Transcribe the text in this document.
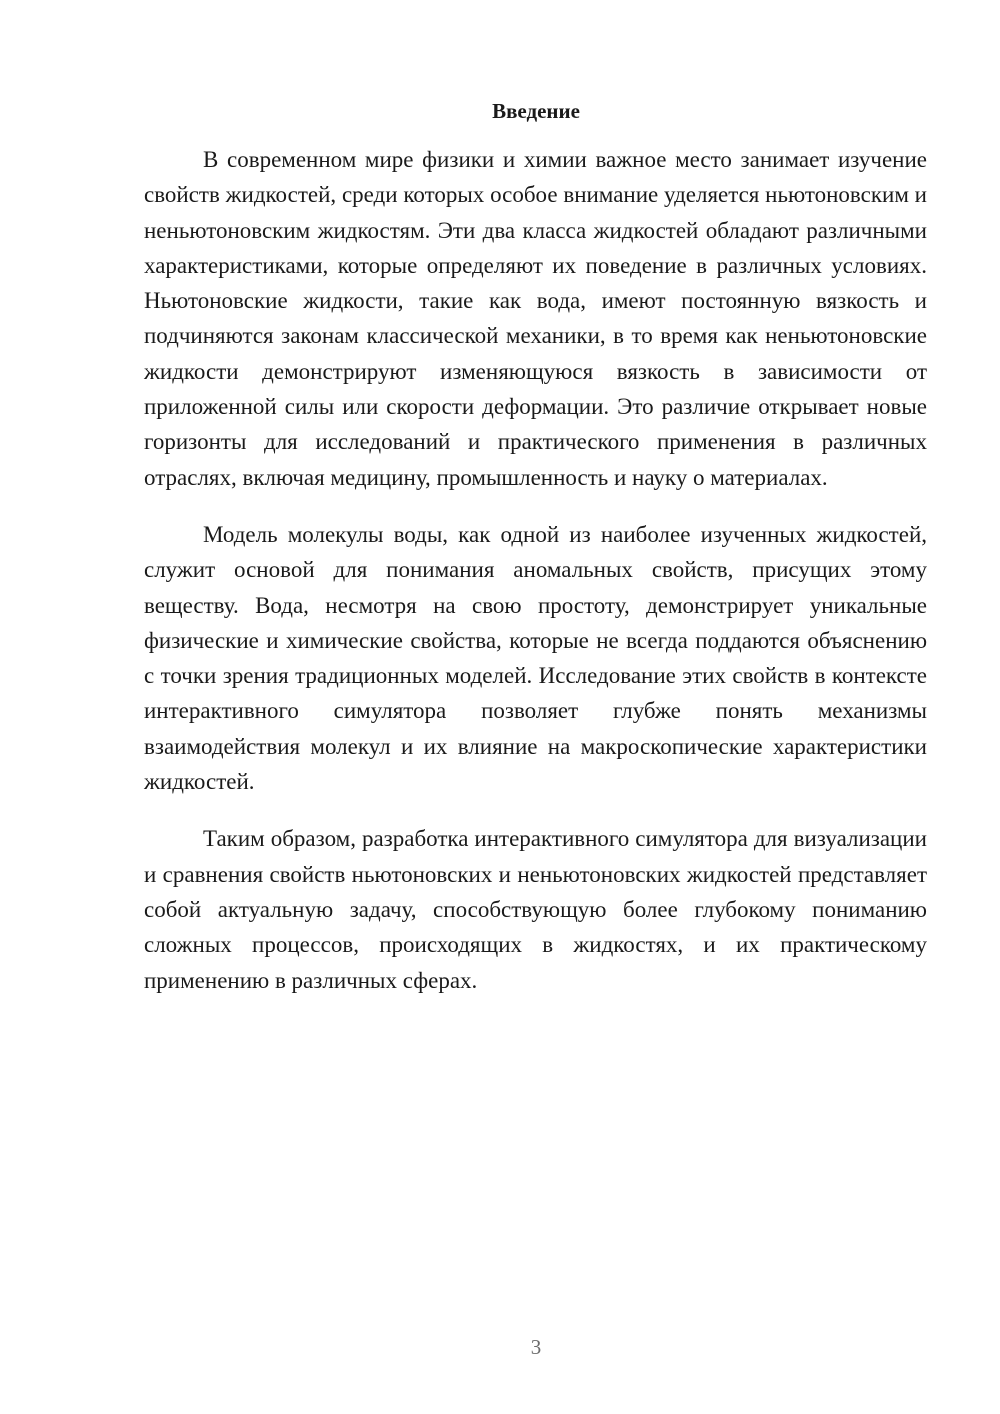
Введение

В современном мире физики и химии важное место занимает изучение свойств жидкостей, среди которых особое внимание уделяется ньютоновским и неньютоновским жидкостям. Эти два класса жидкостей обладают различными характеристиками, которые определяют их поведение в различных условиях. Ньютоновские жидкости, такие как вода, имеют постоянную вязкость и подчиняются законам классической механики, в то время как неньютоновские жидкости демонстрируют изменяющуюся вязкость в зависимости от приложенной силы или скорости деформации. Это различие открывает новые горизонты для исследований и практического применения в различных отраслях, включая медицину, промышленность и науку о материалах.

Модель молекулы воды, как одной из наиболее изученных жидкостей, служит основой для понимания аномальных свойств, присущих этому веществу. Вода, несмотря на свою простоту, демонстрирует уникальные физические и химические свойства, которые не всегда поддаются объяснению с точки зрения традиционных моделей. Исследование этих свойств в контексте интерактивного симулятора позволяет глубже понять механизмы взаимодействия молекул и их влияние на макроскопические характеристики жидкостей.

Таким образом, разработка интерактивного симулятора для визуализации и сравнения свойств ньютоновских и неньютоновских жидкостей представляет собой актуальную задачу, способствующую более глубокому пониманию сложных процессов, происходящих в жидкостях, и их практическому применению в различных сферах.

3
